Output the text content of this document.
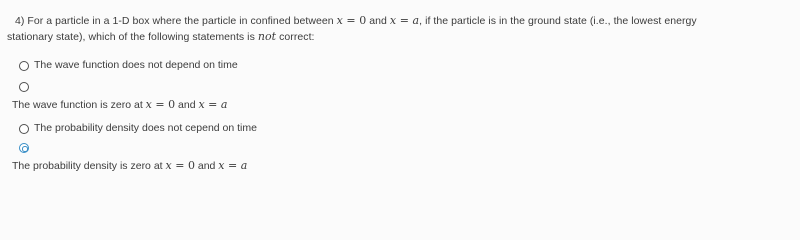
4) For a particle in a 1-D box where the particle in confined between x = 0 and x = a, if the particle is in the ground state (i.e., the lowest energy
stationary state), which of the following statements is not correct:
The wave function does not depend on time
The wave function is zero at x = 0 and x = a
The probability density does not cepend on time
The probability density is zero at x = 0 and x = a
